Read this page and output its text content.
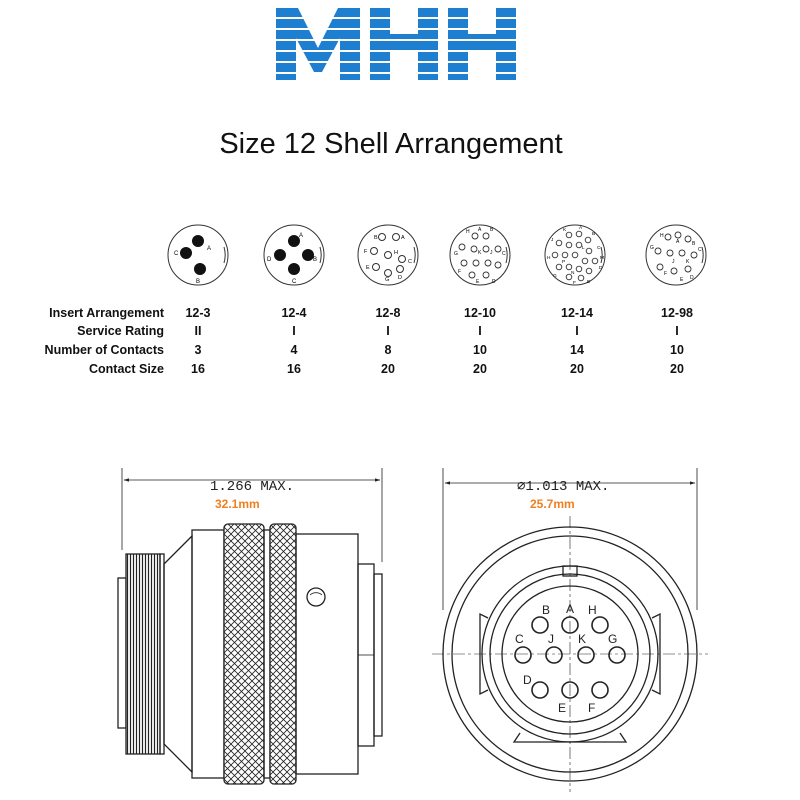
Size 12 Shell Arrangement
A
B
C
A
B
C
D
A
B
C
D
E
F
G
H
A B
C
D
E
F
G
H
J
K
A
B
C
D
E
F
G
H
J
K
L
M
N
P
A	B
C
D
E
F
G
H
J K
Insert Arrangement	12-3	12-4	12-8	12-10	12-14	12-98
Service Rating	II	I	I	I	I	I
Number of Contacts	3	4	8	10	14	10
Contact Size	16	16	20	20	20	20
1.266 MAX.
32.1mm
A
B
C
D
E F
G
H
J K
∅1.013 MAX.
25.7mm
